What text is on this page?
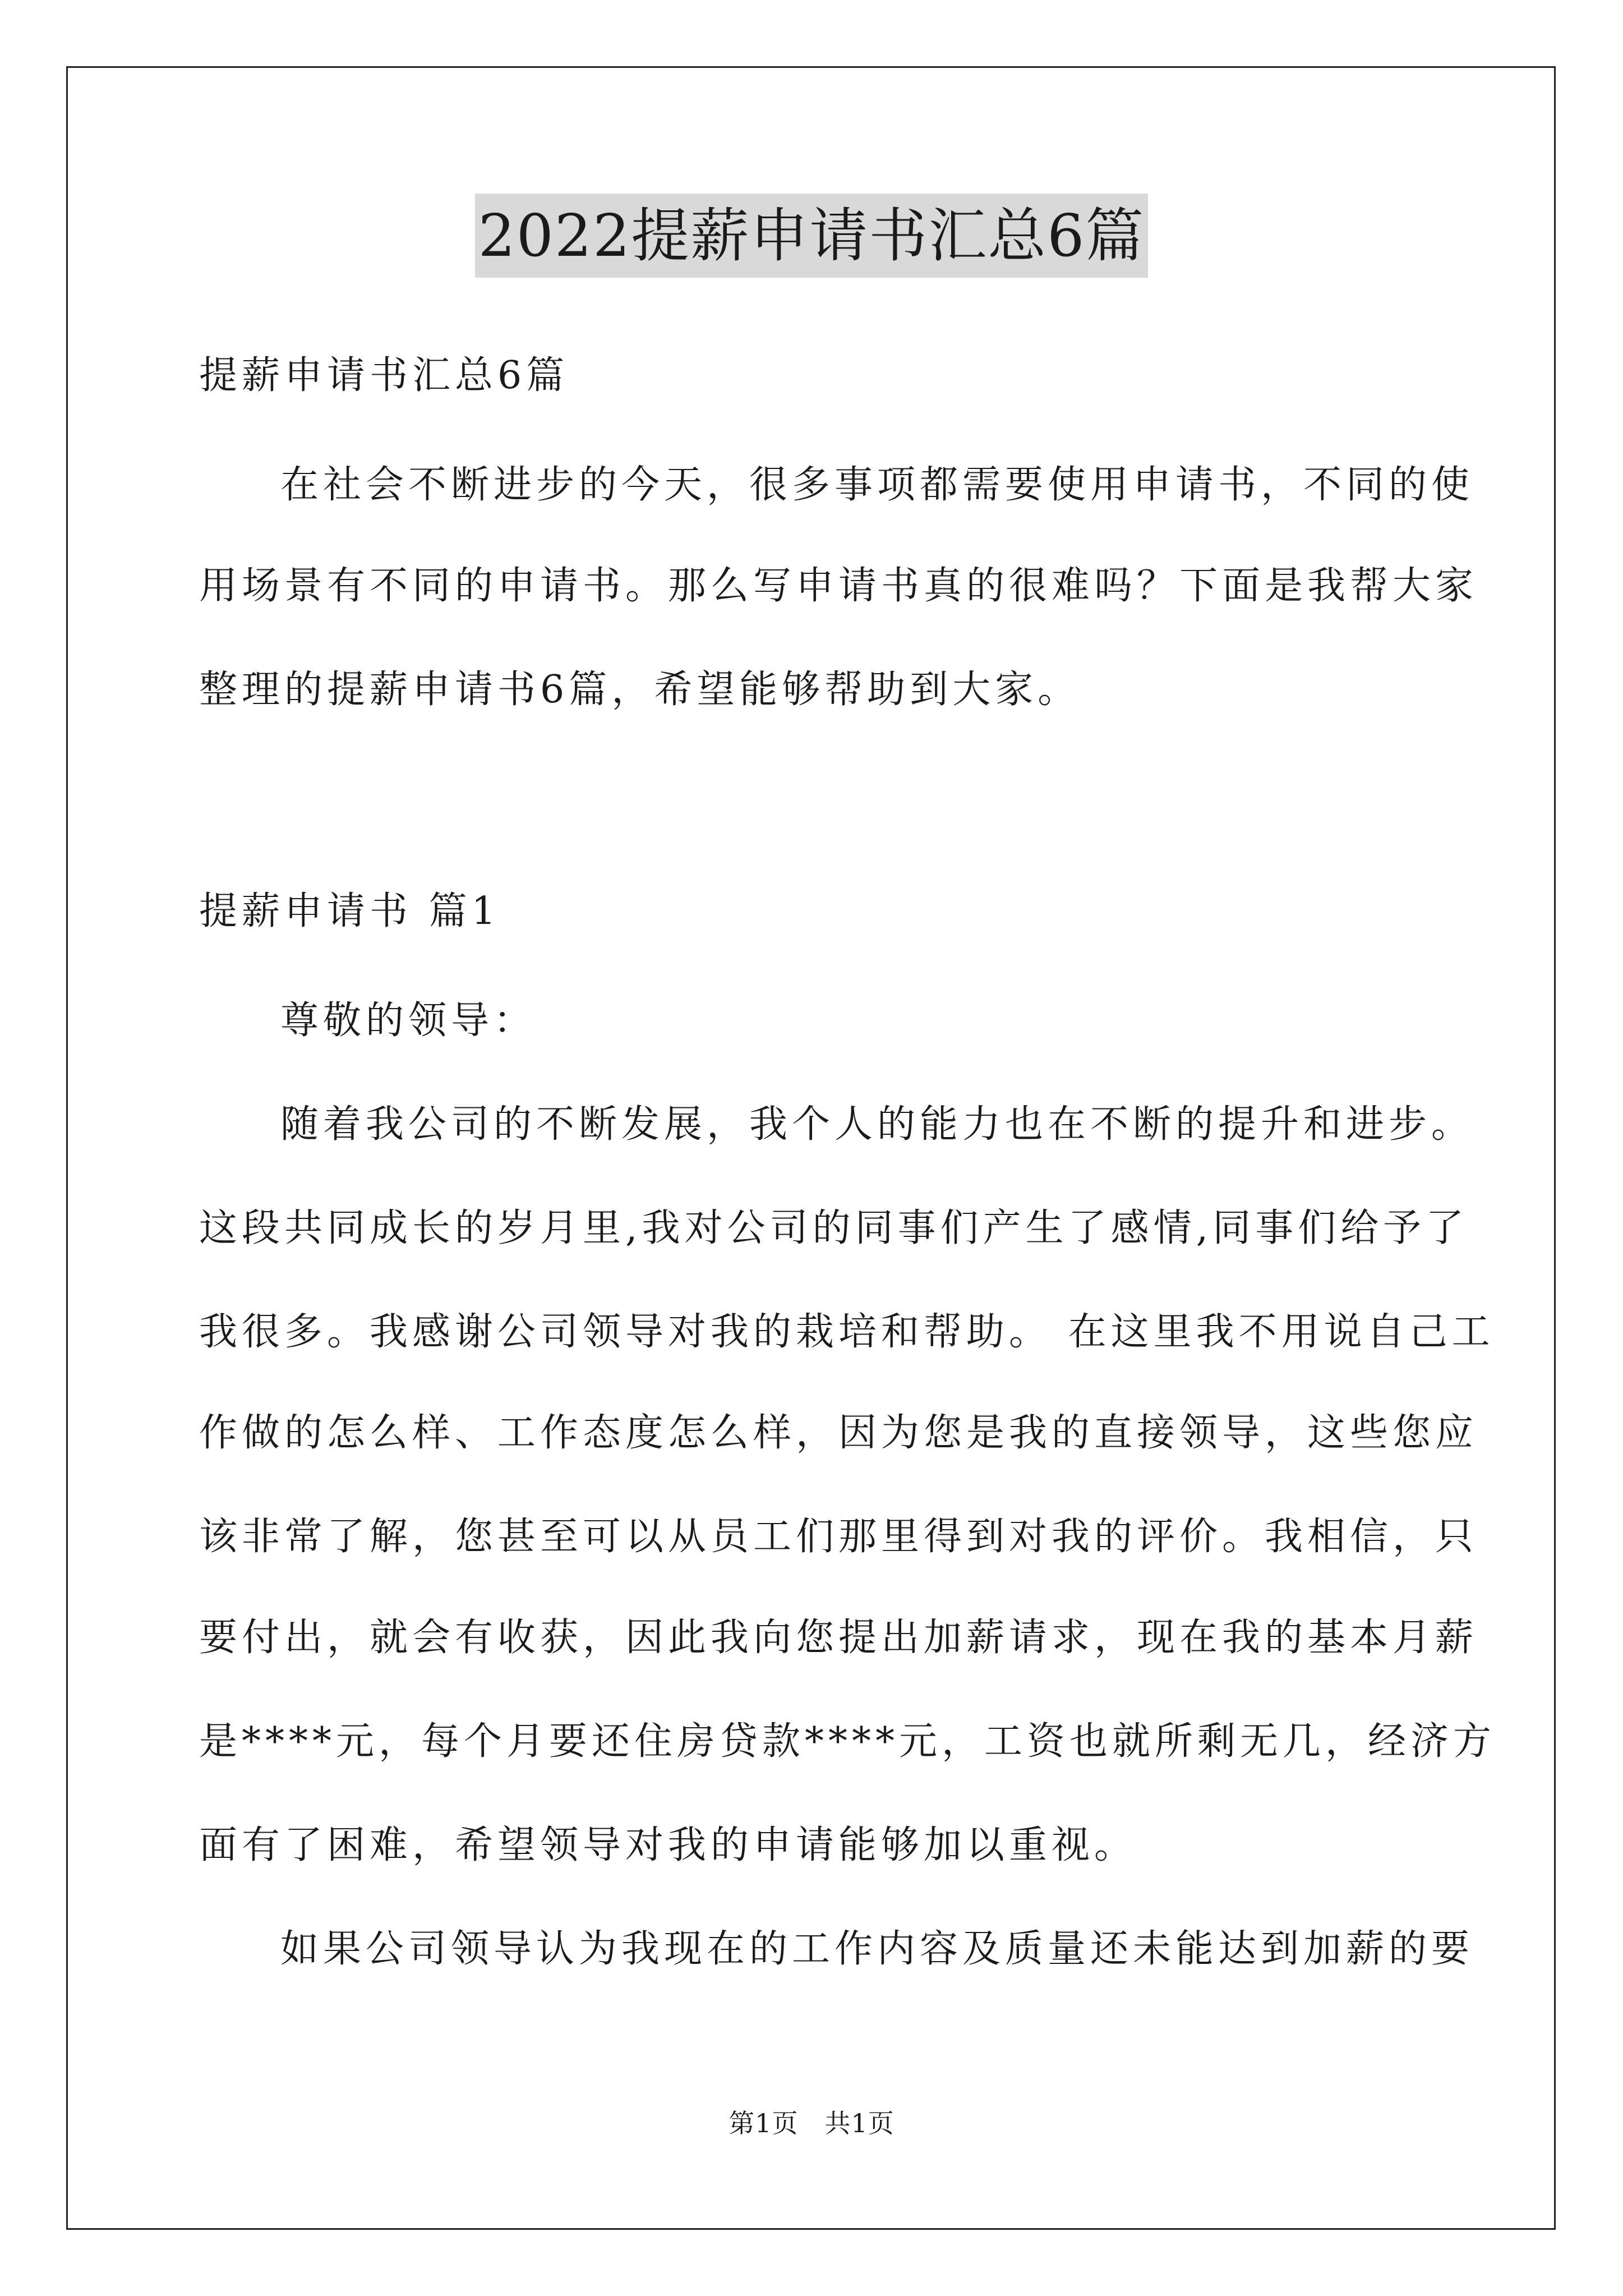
2022提薪申请书汇总6篇
提薪申请书汇总6篇
在社会不断进步的今天，很多事项都需要使用申请书，不同的使
用场景有不同的申请书。那么写申请书真的很难吗？下面是我帮大家
整理的提薪申请书6篇，希望能够帮助到大家。
提薪申请书 篇1
尊敬的领导：
随着我公司的不断发展，我个人的能力也在不断的提升和进步。
这段共同成长的岁月里,我对公司的同事们产生了感情,同事们给予了
我很多。我感谢公司领导对我的栽培和帮助。 在这里我不用说自己工
作做的怎么样、工作态度怎么样，因为您是我的直接领导，这些您应
该非常了解，您甚至可以从员工们那里得到对我的评价。我相信，只
要付出，就会有收获，因此我向您提出加薪请求，现在我的基本月薪
是****元，每个月要还住房贷款****元，工资也就所剩无几，经济方
面有了困难，希望领导对我的申请能够加以重视。
如果公司领导认为我现在的工作内容及质量还未能达到加薪的要
第1页　共1页
